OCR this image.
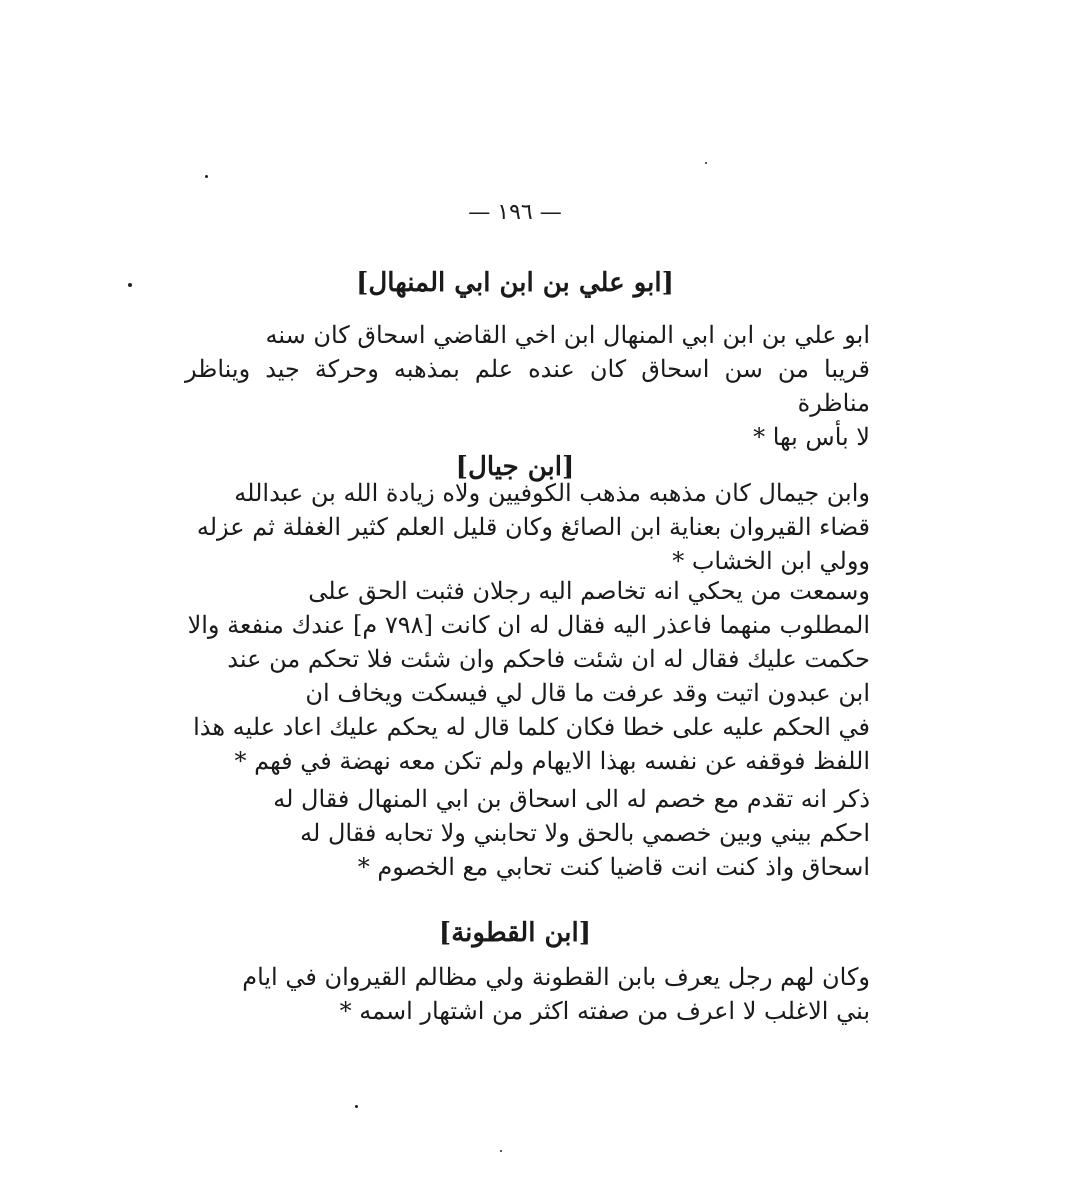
— ١٩٦ —
[ابو علي بن ابن ابي المنهال]
ابو علي بن ابن ابي المنهال ابن اخي القاضي اسحاق كان سنه
قريبا من سن اسحاق كان عنده علم بمذهبه وحركة جيد ويناظر مناظرة
لا بأس بها *
[ابن جيال]
وابن جيمال كان مذهبه مذهب الكوفيين ولاه زيادة الله بن عبدالله
قضاء القيروان بعناية ابن الصائغ وكان قليل العلم كثير الغفلة ثم عزله
وولي ابن الخشاب *
وسمعت من يحكي انه تخاصم اليه رجلان فثبت الحق على
المطلوب منهما فاعذر اليه فقال له ان كانت [٧٩٨ م] عندك منفعة والا
حكمت عليك فقال له ان شئت فاحكم وان شئت فلا تحكم من عند
ابن عبدون اتيت وقد عرفت ما قال لي فيسكت ويخاف ان
في الحكم عليه على خطا فكان كلما قال له يحكم عليك اعاد عليه هذا
اللفظ فوقفه عن نفسه بهذا الايهام ولم تكن معه نهضة في فهم *
ذكر انه تقدم مع خصم له الى اسحاق بن ابي المنهال فقال له
احكم بيني وبين خصمي بالحق ولا تحابني ولا تحابه فقال له
اسحاق واذ كنت انت قاضيا كنت تحابي مع الخصوم *
[ابن القطونة]
وكان لهم رجل يعرف بابن القطونة ولي مظالم القيروان في ايام
بني الاغلب لا اعرف من صفته اكثر من اشتهار اسمه *
